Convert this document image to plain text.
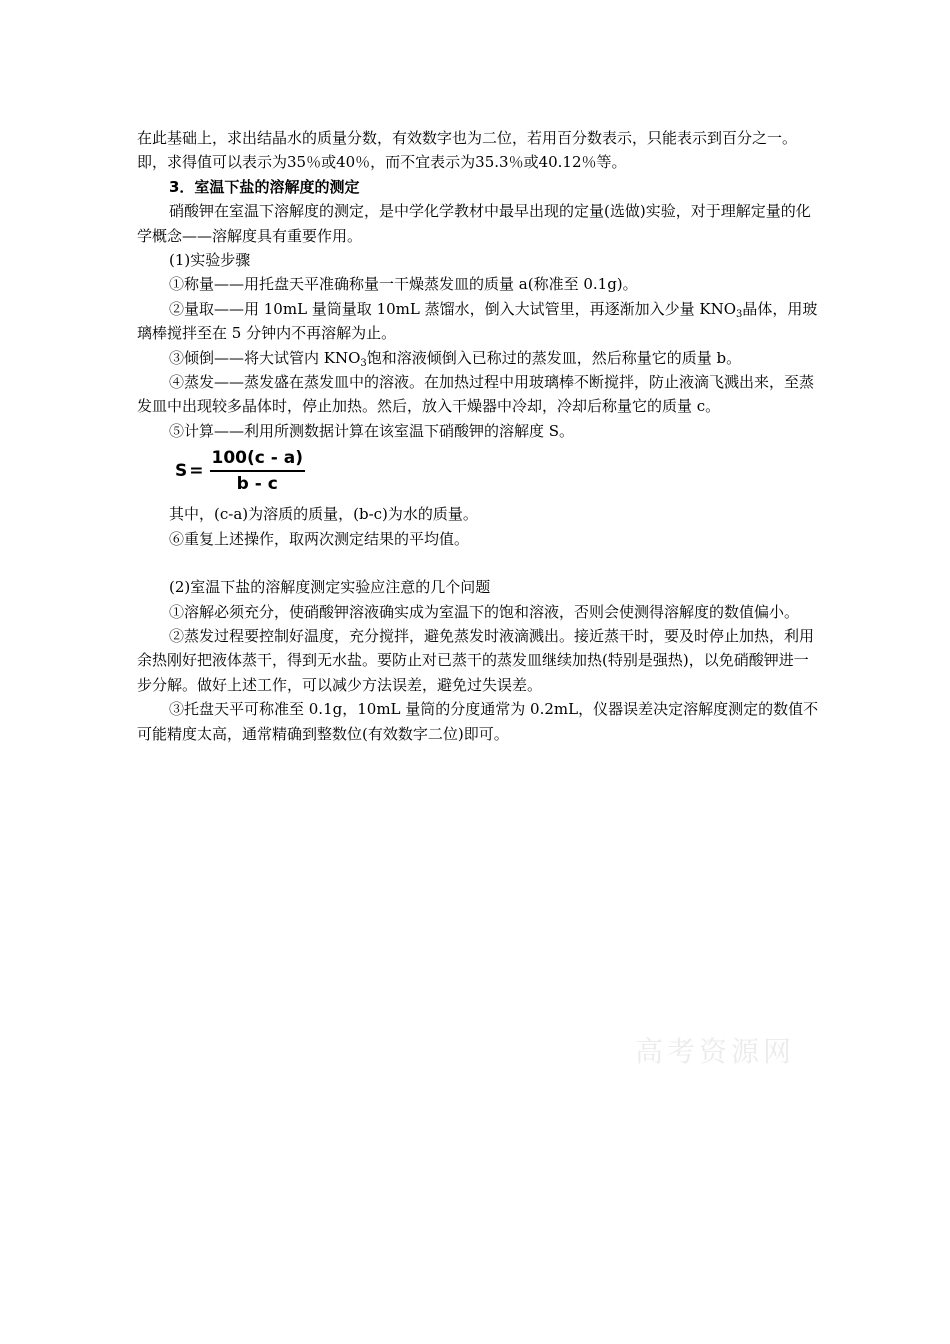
在此基础上，求出结晶水的质量分数，有效数字也为二位，若用百分数表示，只能表示到百分之一。即，求得值可以表示为35％或40％，而不宜表示为35.3％或40.12％等。

3．室温下盐的溶解度的测定

硝酸钾在室温下溶解度的测定，是中学化学教材中最早出现的定量(选做)实验，对于理解定量的化学概念——溶解度具有重要作用。

(1)实验步骤

①称量——用托盘天平准确称量一干燥蒸发皿的质量 a(称准至 0.1g)。

②量取——用 10mL 量筒量取 10mL 蒸馏水，倒入大试管里，再逐渐加入少量 $KNO_3$晶体，用玻璃棒搅拌至在 5 分钟内不再溶解为止。

③倾倒——将大试管内 $KNO_3$饱和溶液倾倒入已称过的蒸发皿，然后称量它的质量 b。

④蒸发——蒸发盛在蒸发皿中的溶液。在加热过程中用玻璃棒不断搅拌，防止液滴飞溅出来，至蒸发皿中出现较多晶体时，停止加热。然后，放入干燥器中冷却，冷却后称量它的质量 c。

⑤计算——利用所测数据计算在该室温下硝酸钾的溶解度 S。

$S = \frac{100(c - a)}{b - c}$

其中，(c-a)为溶质的质量，(b-c)为水的质量。

⑥重复上述操作，取两次测定结果的平均值。

(2)室温下盐的溶解度测定实验应注意的几个问题

①溶解必须充分，使硝酸钾溶液确实成为室温下的饱和溶液，否则会使测得溶解度的数值偏小。

②蒸发过程要控制好温度，充分搅拌，避免蒸发时液滴溅出。接近蒸干时，要及时停止加热，利用余热刚好把液体蒸干，得到无水盐。要防止对已蒸干的蒸发皿继续加热(特别是强热)，以免硝酸钾进一步分解。做好上述工作，可以减少方法误差，避免过失误差。

③托盘天平可称准至 0.1g，10mL 量筒的分度通常为 0.2mL，仪器误差决定溶解度测定的数值不可能精度太高，通常精确到整数位(有效数字二位)即可。

高考资源网
